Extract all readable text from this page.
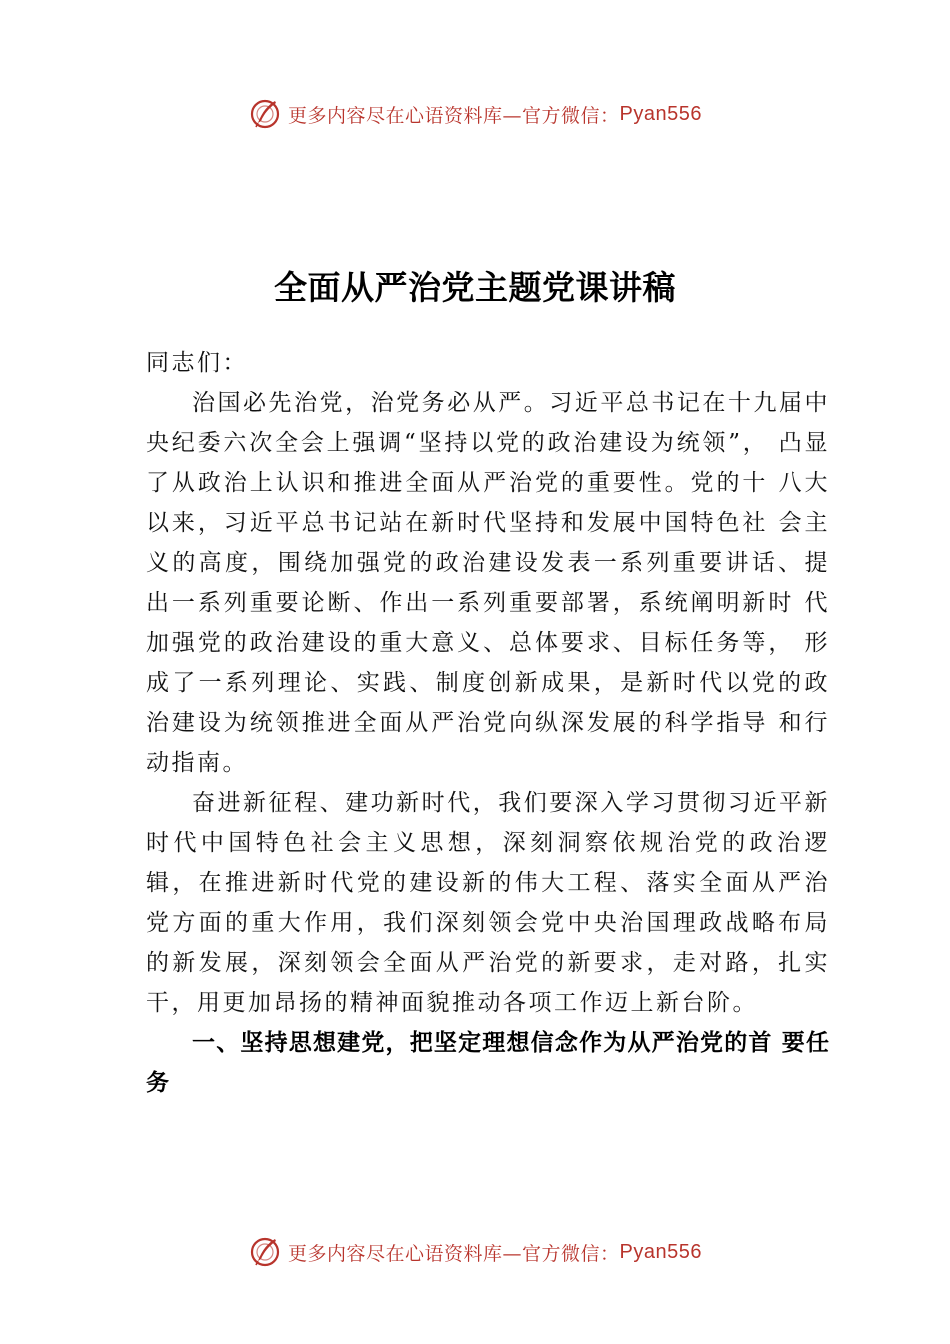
更多内容尽在心语资料库—官方微信： Pyan556
全面从严治党主题党课讲稿

同志们：

治国必先治党，治党务必从严。习近平总书记在十九届中央纪委六次全会上强调“坚持以党的政治建设为统领”， 凸显了从政治上认识和推进全面从严治党的重要性。党的十 八大以来，习近平总书记站在新时代坚持和发展中国特色社 会主义的高度，围绕加强党的政治建设发表一系列重要讲话、提出一系列重要论断、作出一系列重要部署，系统阐明新时 代加强党的政治建设的重大意义、总体要求、目标任务等， 形成了一系列理论、实践、制度创新成果，是新时代以党的政治建设为统领推进全面从严治党向纵深发展的科学指导 和行动指南。

奋进新征程、建功新时代，我们要深入学习贯彻习近平新时代中国特色社会主义思想，深刻洞察依规治党的政治逻辑，在推进新时代党的建设新的伟大工程、落实全面从严治党方面的重大作用，我们深刻领会党中央治国理政战略布局的新发展，深刻领会全面从严治党的新要求，走对路，扎实干，用更加昂扬的精神面貌推动各项工作迈上新台阶。

一、坚持思想建党，把坚定理想信念作为从严治党的首 要任务

更多内容尽在心语资料库—官方微信： Pyan556
